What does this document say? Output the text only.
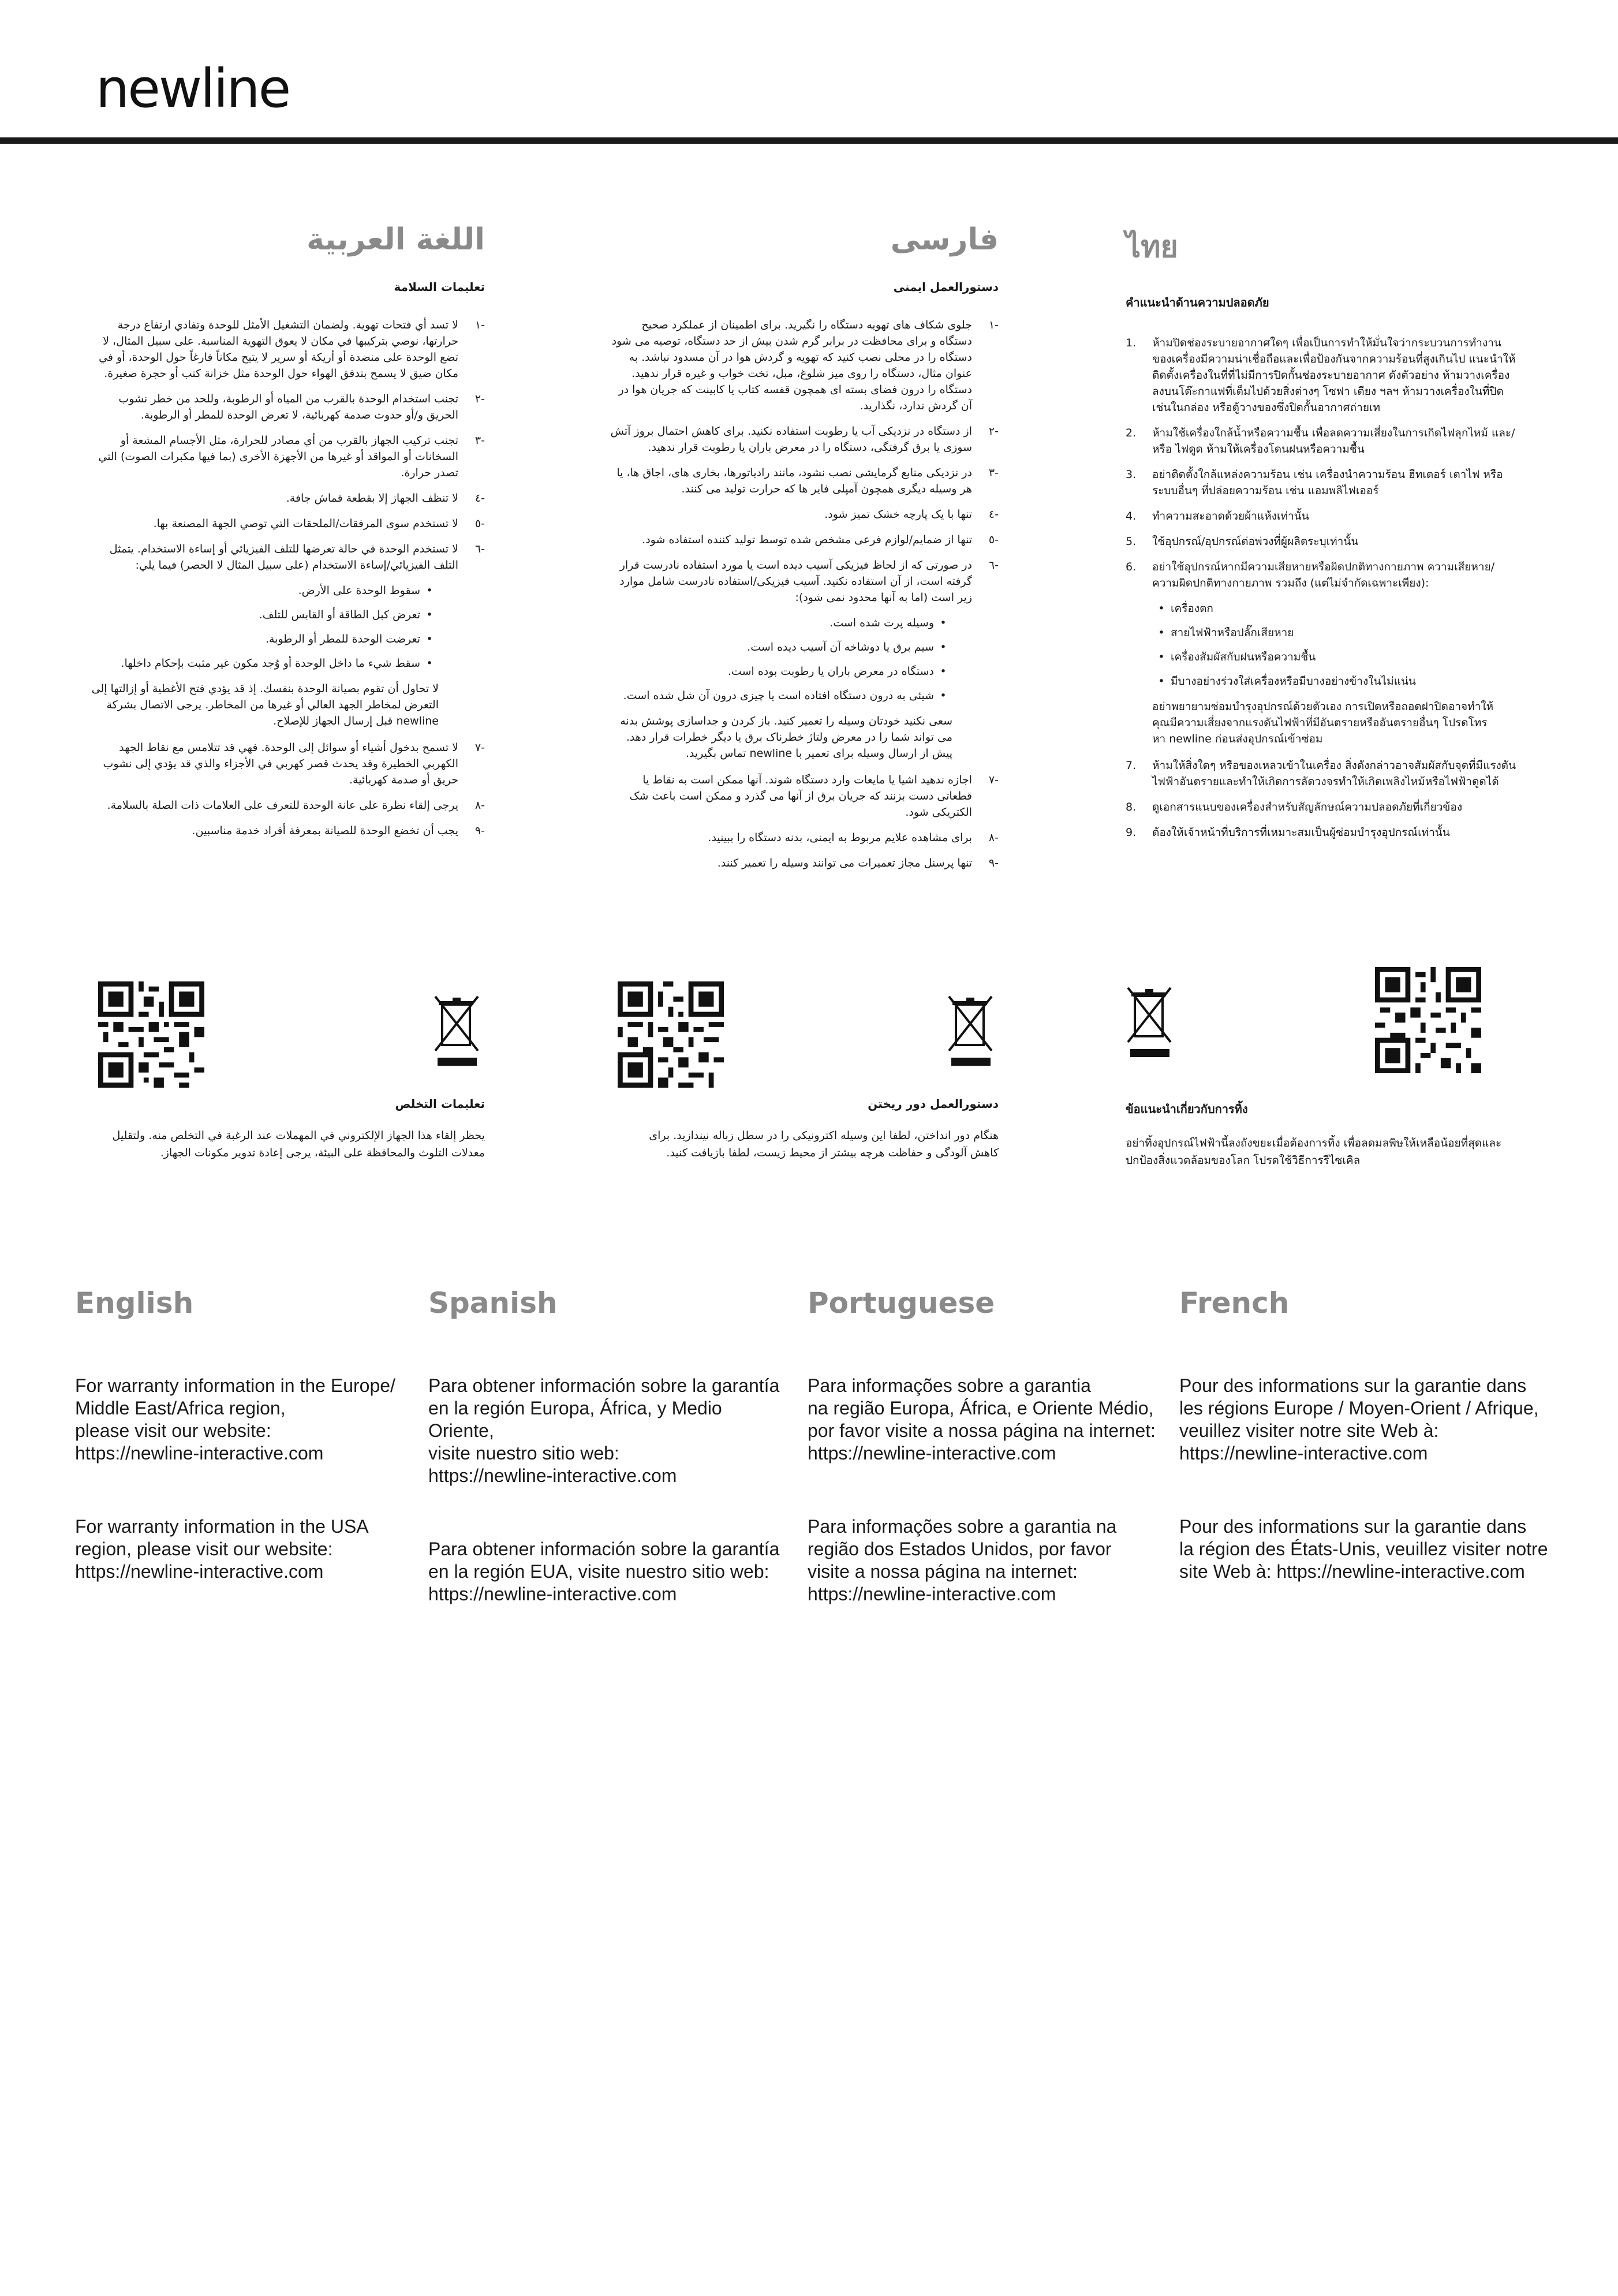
newline
اللغة العربية
تعليمات السلامة
-١
لا تسد أي فتحات تهوية. ولضمان التشغيل الأمثل للوحدة وتفادي ارتفاع درجة حرارتها، نوصي بتركيبها في مكان لا يعوق التهوية المناسبة. على سبيل المثال، لا تضع الوحدة على منضدة أو أريكة أو سرير لا يتيح مكاناً فارغاً حول الوحدة، أو في مكان ضيق لا يسمح بتدفق الهواء حول الوحدة مثل خزانة كتب أو حجرة صغيرة.
-٢
تجنب استخدام الوحدة بالقرب من المياه أو الرطوبة، وللحد من خطر نشوب الحريق و/أو حدوث صدمة كهربائية، لا تعرض الوحدة للمطر أو الرطوبة.
-٣
تجنب تركيب الجهاز بالقرب من أي مصادر للحرارة، مثل الأجسام المشعة أو السخانات أو المواقد أو غيرها من الأجهزة الأخرى (بما فيها مكبرات الصوت) التي تصدر حرارة.
-٤
لا تنظف الجهاز إلا بقطعة قماش جافة.
-٥
لا تستخدم سوى المرفقات/الملحقات التي توصي الجهة المصنعة بها.
-٦
لا تستخدم الوحدة في حالة تعرضها للتلف الفيزيائي أو إساءة الاستخدام. يتمثل التلف الفيزيائي/إساءة الاستخدام (على سبيل المثال لا الحصر) فيما يلي:
• سقوط الوحدة على الأرض.
• تعرض كبل الطاقة أو القابس للتلف.
• تعرضت الوحدة للمطر أو الرطوبة.
• سقط شيء ما داخل الوحدة أو وُجد مكون غير مثبت بإحكام داخلها.
لا تحاول أن تقوم بصيانة الوحدة بنفسك. إذ قد يؤدي فتح الأغطية أو إزالتها إلى التعرض لمخاطر الجهد العالي أو غيرها من المخاطر. يرجى الاتصال بشركة newline قبل إرسال الجهاز للإصلاح.
-٧
لا تسمح بدخول أشياء أو سوائل إلى الوحدة. فهي قد تتلامس مع نقاط الجهد الكهربي الخطيرة وقد يحدث قصر كهربي في الأجزاء والذي قد يؤدي إلى نشوب حريق أو صدمة كهربائية.
-٨
يرجى إلقاء نظرة على عانة الوحدة للتعرف على العلامات ذات الصلة بالسلامة.
-٩
يجب أن تخضع الوحدة للصيانة بمعرفة أفراد خدمة مناسبين.
فارسی
دستورالعمل ایمنی
-١
جلوی شکاف های تهویه دستگاه را نگیرید. برای اطمینان از عملکرد صحیح دستگاه و برای محافظت در برابر گرم شدن بیش از حد دستگاه، توصیه می شود دستگاه را در محلی نصب کنید که تهویه و گردش هوا در آن مسدود نباشد. به عنوان مثال، دستگاه را روی میز شلوغ، مبل، تخت خواب و غیره قرار ندهید. دستگاه را درون فضای بسته ای همچون قفسه کتاب یا کابینت که جریان هوا در آن گردش ندارد، نگذارید.
-٢
از دستگاه در نزدیکی آب یا رطوبت استفاده نکنید. برای کاهش احتمال بروز آتش سوزی یا برق گرفتگی، دستگاه را در معرض باران یا رطوبت قرار ندهید.
-٣
در نزدیکی منابع گرمایشی نصب نشود، مانند رادیاتورها، بخاری های، اجاق ها، یا هر وسیله دیگری همچون آمپلی فایر ها که حرارت تولید می کنند.
-٤
تنها با یک پارچه خشک تمیز شود.
-٥
تنها از ضمایم/لوازم فرعی مشخص شده توسط تولید کننده استفاده شود.
-٦
در صورتی که از لحاظ فیزیکی آسیب دیده است یا مورد استفاده نادرست قرار گرفته است، از آن استفاده نکنید. آسیب فیزیکی/استفاده نادرست شامل موارد زیر است (اما به آنها محدود نمی شود):
• وسیله پرت شده است.
• سیم برق یا دوشاخه آن آسیب دیده است.
• دستگاه در معرض باران یا رطوبت بوده است.
• شیئی به درون دستگاه افتاده است یا چیزی درون آن شل شده است.
سعی نکنید خودتان وسیله را تعمیر کنید. باز کردن و جداسازی پوشش بدنه می تواند شما را در معرض ولتاژ خطرناک برق یا دیگر خطرات قرار دهد. پیش از ارسال وسیله برای تعمیر با newline تماس بگیرید.
-٧
اجازه ندهید اشیا یا مایعات وارد دستگاه شوند. آنها ممکن است به نقاط یا قطعاتی دست بزنند که جریان برق از آنها می گذرد و ممکن است باعث شک الکتریکی شود.
-٨
برای مشاهده علایم مربوط به ایمنی، بدنه دستگاه را ببینید.
-٩
تنها پرسنل مجاز تعمیرات می توانند وسیله را تعمیر کنند.
ไทย
คำแนะนำด้านความปลอดภัย
1.	ห้ามปิดช่องระบายอากาศใดๆ เพื่อเป็นการทำให้มั่นใจว่ากระบวนการทำงานของเครื่องมีความน่าเชื่อถือและเพื่อป้องกันจากความร้อนที่สูงเกินไป แนะนำให้ติดตั้งเครื่องในที่ที่ไม่มีการปิดกั้นช่องระบายอากาศ ดังตัวอย่าง ห้ามวางเครื่องลงบนโต๊ะกาแฟที่เต็มไปด้วยสิ่งต่างๆ โซฟา เตียง ฯลฯ ห้ามวางเครื่องในที่ปิด เช่นในกล่อง หรือตู้วางของซึ่งปิดกั้นอากาศถ่ายเท
2.	ห้ามใช้เครื่องใกล้น้ำหรือความชื้น เพื่อลดความเสี่ยงในการเกิดไฟลุกไหม้ และ/หรือ ไฟดูด ห้ามให้เครื่องโดนฝนหรือความชื้น
3.	อย่าติดตั้งใกล้แหล่งความร้อน เช่น เครื่องนำความร้อน ฮีทเตอร์ เตาไฟ หรือระบบอื่นๆ ที่ปล่อยความร้อน เช่น แอมพลิไฟเออร์
4.	ทำความสะอาดด้วยผ้าแห้งเท่านั้น
5.	ใช้อุปกรณ์/อุปกรณ์ต่อพ่วงที่ผู้ผลิตระบุเท่านั้น
6.	อย่าใช้อุปกรณ์หากมีความเสียหายหรือผิดปกติทางกายภาพ ความเสียหาย/ความผิดปกติทางกายภาพ รวมถึง (แต่ไม่จำกัดเฉพาะเพียง):
• เครื่องตก
• สายไฟฟ้าหรือปลั๊กเสียหาย
• เครื่องสัมผัสกับฝนหรือความชื้น
• มีบางอย่างร่วงใส่เครื่องหรือมีบางอย่างข้างในไม่แน่น
อย่าพยายามซ่อมบำรุงอุปกรณ์ด้วยตัวเอง การเปิดหรือถอดฝาปิดอาจทำให้คุณมีความเสี่ยงจากแรงดันไฟฟ้าที่มีอันตรายหรืออันตรายอื่นๆ โปรดโทรหา newline ก่อนส่งอุปกรณ์เข้าซ่อม
7.	ห้ามให้สิ่งใดๆ หรือของเหลวเข้าในเครื่อง สิ่งดังกล่าวอาจสัมผัสกับจุดที่มีแรงดันไฟฟ้าอันตรายและทำให้เกิดการลัดวงจรทำให้เกิดเพลิงไหม้หรือไฟฟ้าดูดได้
8.	ดูเอกสารแนบของเครื่องสำหรับสัญลักษณ์ความปลอดภัยที่เกี่ยวข้อง
9.	ต้องให้เจ้าหน้าที่บริการที่เหมาะสมเป็นผู้ซ่อมบำรุงอุปกรณ์เท่านั้น
تعليمات التخلص
يحظر إلقاء هذا الجهاز الإلكتروني في المهملات عند الرغبة في التخلص منه. ولتقليل معدلات التلوث والمحافظة على البيئة، يرجى إعادة تدوير مكونات الجهاز.
دستورالعمل دور ریختن
هنگام دور انداختن، لطفا این وسیله اکترونیکی را در سطل زباله نیندازید. برای کاهش آلودگی و حفاظت هرچه بیشتر از محیط زیست، لطفا بازیافت کنید.
ข้อแนะนำเกี่ยวกับการทิ้ง
อย่าทิ้งอุปกรณ์ไฟฟ้านี้ลงถังขยะเมื่อต้องการทิ้ง เพื่อลดมลพิษให้เหลือน้อยที่สุดและปกป้องสิ่งแวดล้อมของโลก โปรดใช้วิธีการรีไซเคิล
English
For warranty information in the Europe/
Middle East/Africa region,
please visit our website:
https://newline-interactive.com
For warranty information in the USA
region, please visit our website:
https://newline-interactive.com
Spanish
Para obtener información sobre la garantía
en la región Europa, África, y Medio Oriente,
visite nuestro sitio web:
https://newline-interactive.com
Para obtener información sobre la garantía
en la región EUA, visite nuestro sitio web:
https://newline-interactive.com
Portuguese
Para informações sobre a garantia
na região Europa, África, e Oriente Médio,
por favor visite a nossa página na internet:
https://newline-interactive.com
Para informações sobre a garantia na
região dos Estados Unidos, por favor
visite a nossa página na internet:
https://newline-interactive.com
French
Pour des informations sur la garantie dans
les régions Europe / Moyen-Orient / Afrique,
veuillez visiter notre site Web à:
https://newline-interactive.com
Pour des informations sur la garantie dans
la région des États-Unis, veuillez visiter notre
site Web à: https://newline-interactive.com
